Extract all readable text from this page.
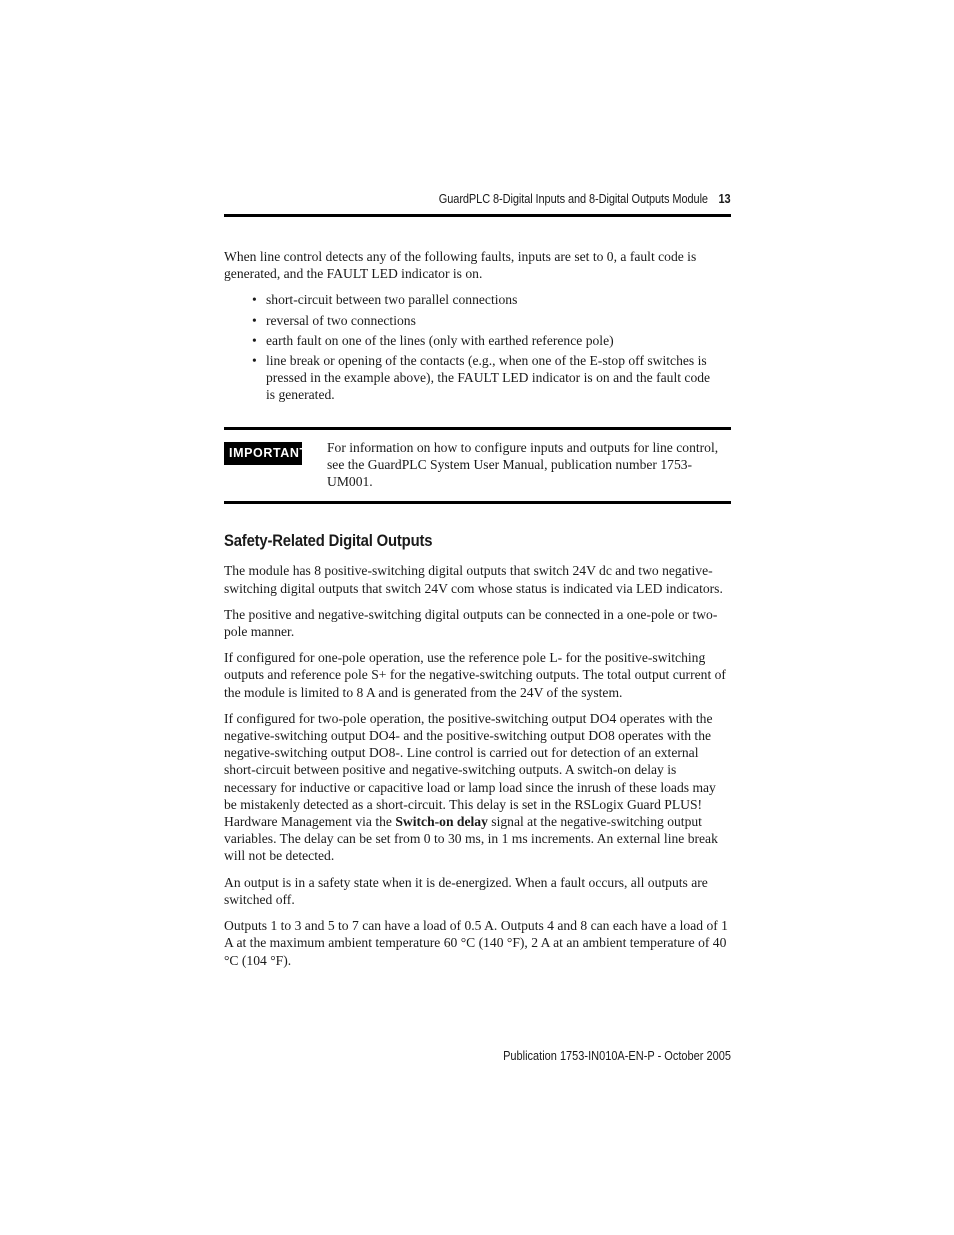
GuardPLC 8-Digital Inputs and 8-Digital Outputs Module 13

When line control detects any of the following faults, inputs are set to 0, a fault code is generated, and the FAULT LED indicator is on.

• short-circuit between two parallel connections
• reversal of two connections
• earth fault on one of the lines (only with earthed reference pole)
• line break or opening of the contacts (e.g., when one of the E-stop off switches is pressed in the example above), the FAULT LED indicator is on and the fault code is generated.
IMPORTANT For information on how to configure inputs and outputs for line control, see the GuardPLC System User Manual, publication number 1753-UM001.

Safety-Related Digital Outputs

The module has 8 positive-switching digital outputs that switch 24V dc and two negative-switching digital outputs that switch 24V com whose status is indicated via LED indicators.

The positive and negative-switching digital outputs can be connected in a one-pole or two-pole manner.

If configured for one-pole operation, use the reference pole L- for the positive-switching outputs and reference pole S+ for the negative-switching outputs. The total output current of the module is limited to 8 A and is generated from the 24V of the system.

If configured for two-pole operation, the positive-switching output DO4 operates with the negative-switching output DO4- and the positive-switching output DO8 operates with the negative-switching output DO8-. Line control is carried out for detection of an external short-circuit between positive and negative-switching outputs. A switch-on delay is necessary for inductive or capacitive load or lamp load since the inrush of these loads may be mistakenly detected as a short-circuit. This delay is set in the RSLogix Guard PLUS! Hardware Management via the Switch-on delay signal at the negative-switching output variables. The delay can be set from 0 to 30 ms, in 1 ms increments. An external line break will not be detected.

An output is in a safety state when it is de-energized. When a fault occurs, all outputs are switched off.

Outputs 1 to 3 and 5 to 7 can have a load of 0.5 A. Outputs 4 and 8 can each have a load of 1 A at the maximum ambient temperature 60 °C (140 °F), 2 A at an ambient temperature of 40 °C (104 °F).

Publication 1753-IN010A-EN-P - October 2005
